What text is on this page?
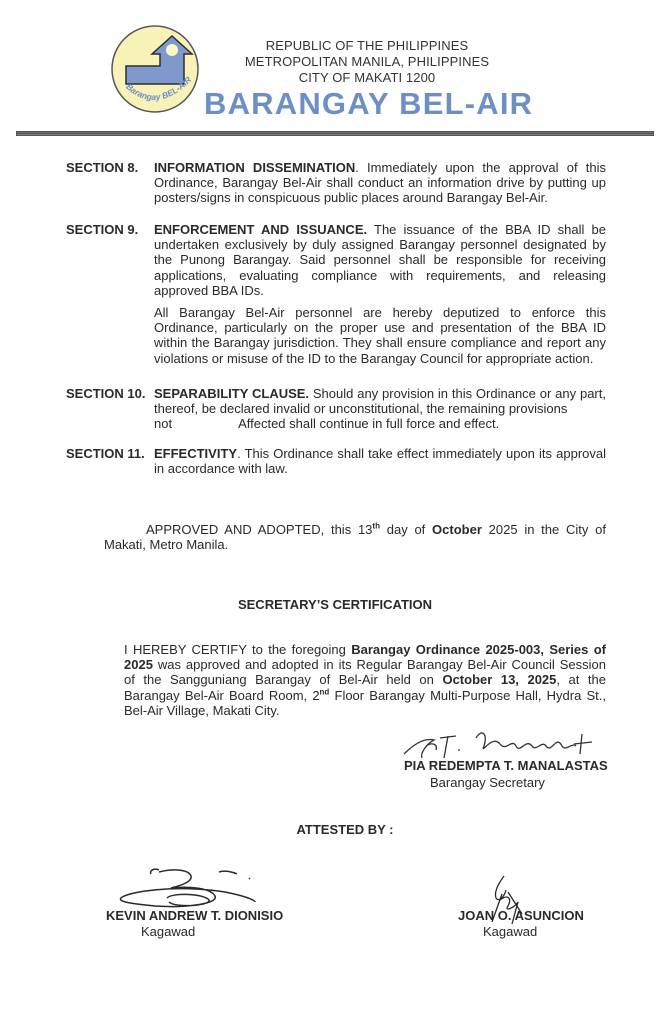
Barangay BEL-AIR
REPUBLIC OF THE PHILIPPINES
METROPOLITAN MANILA, PHILIPPINES
CITY OF MAKATI 1200
BARANGAY BEL-AIR
SECTION 8. INFORMATION DISSEMINATION. Immediately upon the approval of this Ordinance, Barangay Bel-Air shall conduct an information drive by putting up posters/signs in conspicuous public places around Barangay Bel-Air.
SECTION 9. ENFORCEMENT AND ISSUANCE. The issuance of the BBA ID shall be undertaken exclusively by duly assigned Barangay personnel designated by the Punong Barangay. Said personnel shall be responsible for receiving applications, evaluating compliance with requirements, and releasing approved BBA IDs.
All Barangay Bel-Air personnel are hereby deputized to enforce this Ordinance, particularly on the proper use and presentation of the BBA ID within the Barangay jurisdiction. They shall ensure compliance and report any violations or misuse of the ID to the Barangay Council for appropriate action.
SECTION 10. SEPARABILITY CLAUSE. Should any provision in this Ordinance or any part, thereof, be declared invalid or unconstitutional, the remaining provisions
not	Affected shall continue in full force and effect.
SECTION 11. EFFECTIVITY. This Ordinance shall take effect immediately upon its approval in accordance with law.
APPROVED AND ADOPTED, this 13th day of October 2025 in the City of Makati, Metro Manila.
SECRETARY’S CERTIFICATION
I HEREBY CERTIFY to the foregoing Barangay Ordinance 2025-003, Series of 2025 was approved and adopted in its Regular Barangay Bel-Air Council Session of the Sangguniang Barangay of Bel-Air held on October 13, 2025, at the Barangay Bel-Air Board Room, 2nd Floor Barangay Multi-Purpose Hall, Hydra St., Bel-Air Village, Makati City.
PIA REDEMPTA T. MANALASTAS
Barangay Secretary
ATTESTED BY :
KEVIN ANDREW T. DIONISIO
Kagawad
JOAN O. ASUNCION
Kagawad
